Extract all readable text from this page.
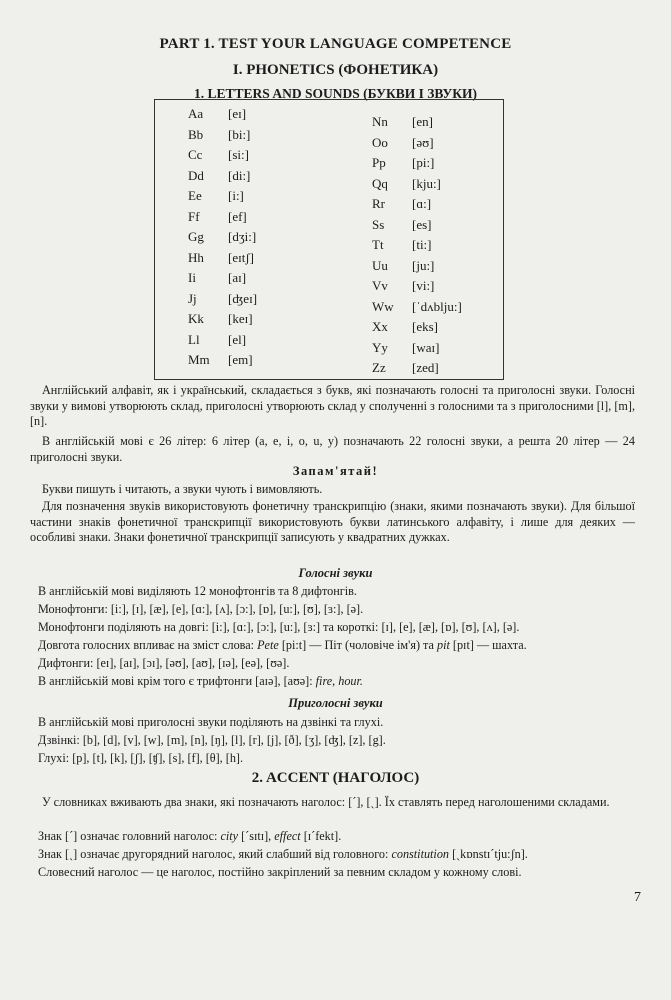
PART 1. TEST YOUR LANGUAGE COMPETENCE
I. PHONETICS (ФОНЕТИКА)
1. LETTERS AND SOUNDS (БУКВИ І ЗВУКИ)
Aa [eɪ]
Bb [bi:]
Cc [si:]
Dd [di:]
Ee [i:]
Ff [ef]
Gg [dʒi:]
Hh [eɪtʃ]
Ii [aɪ]
Jj [ʤeɪ]
Kk [keɪ]
Ll [el]
Mm [em]
Nn [en]
Oo [əʊ]
Pp [pi:]
Qq [kju:]
Rr [ɑ:]
Ss [es]
Tt [ti:]
Uu [ju:]
Vv [vi:]
Ww [ˈdʌblju:]
Xx [eks]
Yy [waɪ]
Zz [zed]
Англійський алфавіт, як і український, складається з букв, які позначають голосні та приголосні звуки. Голосні звуки у вимові утворюють склад, приголосні утворюють склад у сполученні з голосними та з приголосними [l], [m], [n].
В англійській мові є 26 літер: 6 літер (a, e, i, o, u, y) позначають 22 голосні звуки, а решта 20 літер — 24 приголосні звуки.
Запам'ятай!
Букви пишуть і читають, а звуки чують і вимовляють.
Для позначення звуків використовують фонетичну транскрипцію (знаки, якими позначають звуки). Для більшої частини знаків фонетичної транскрипції використовують букви латинського алфавіту, і лише для деяких — особливі знаки. Знаки фонетичної транскрипції записують у квадратних дужках.
Голосні звуки
В англійській мові виділяють 12 монофтонгів та 8 дифтонгів.
Монофтонги: [i:], [ɪ], [æ], [e], [ɑ:], [ʌ], [ɔ:], [ɒ], [u:], [ʊ], [ɜ:], [ə].
Монофтонги поділяють на довгі: [i:], [ɑ:], [ɔ:], [u:], [ɜ:] та короткі: [ɪ], [e], [æ], [ɒ], [ʊ], [ʌ], [ə].
Довгота голосних впливає на зміст слова: Pete [pi:t] — Піт (чоловіче ім'я) та pit [pɪt] — шахта.
Дифтонги: [eɪ], [aɪ], [ɔɪ], [əʊ], [aʊ], [ɪə], [eə], [ʊə].
В англійській мові крім того є трифтонги [aɪə], [aʊə]: fire, hour.
Приголосні звуки
В англійській мові приголосні звуки поділяють на дзвінкі та глухі.
Дзвінкі: [b], [d], [v], [w], [m], [n], [ŋ], [l], [r], [j], [ð], [ʒ], [ʤ], [z], [g].
Глухі: [p], [t], [k], [ʃ], [ʧ], [s], [f], [θ], [h].
2. ACCENT (НАГОЛОС)
У словниках вживають два знаки, які позначають наголос: [ˊ], [ˏ]. Їх ставлять перед наголошеними складами.
Знак [ˊ] означає головний наголос: city [ˊsɪtɪ], effect [ɪˊfekt].
Знак [ˏ] означає другорядний наголос, який слабший від головного: constitution [ˏkɒnstɪˊtju:ʃn].
Словесний наголос — це наголос, постійно закріплений за певним складом у кожному слові.
7
